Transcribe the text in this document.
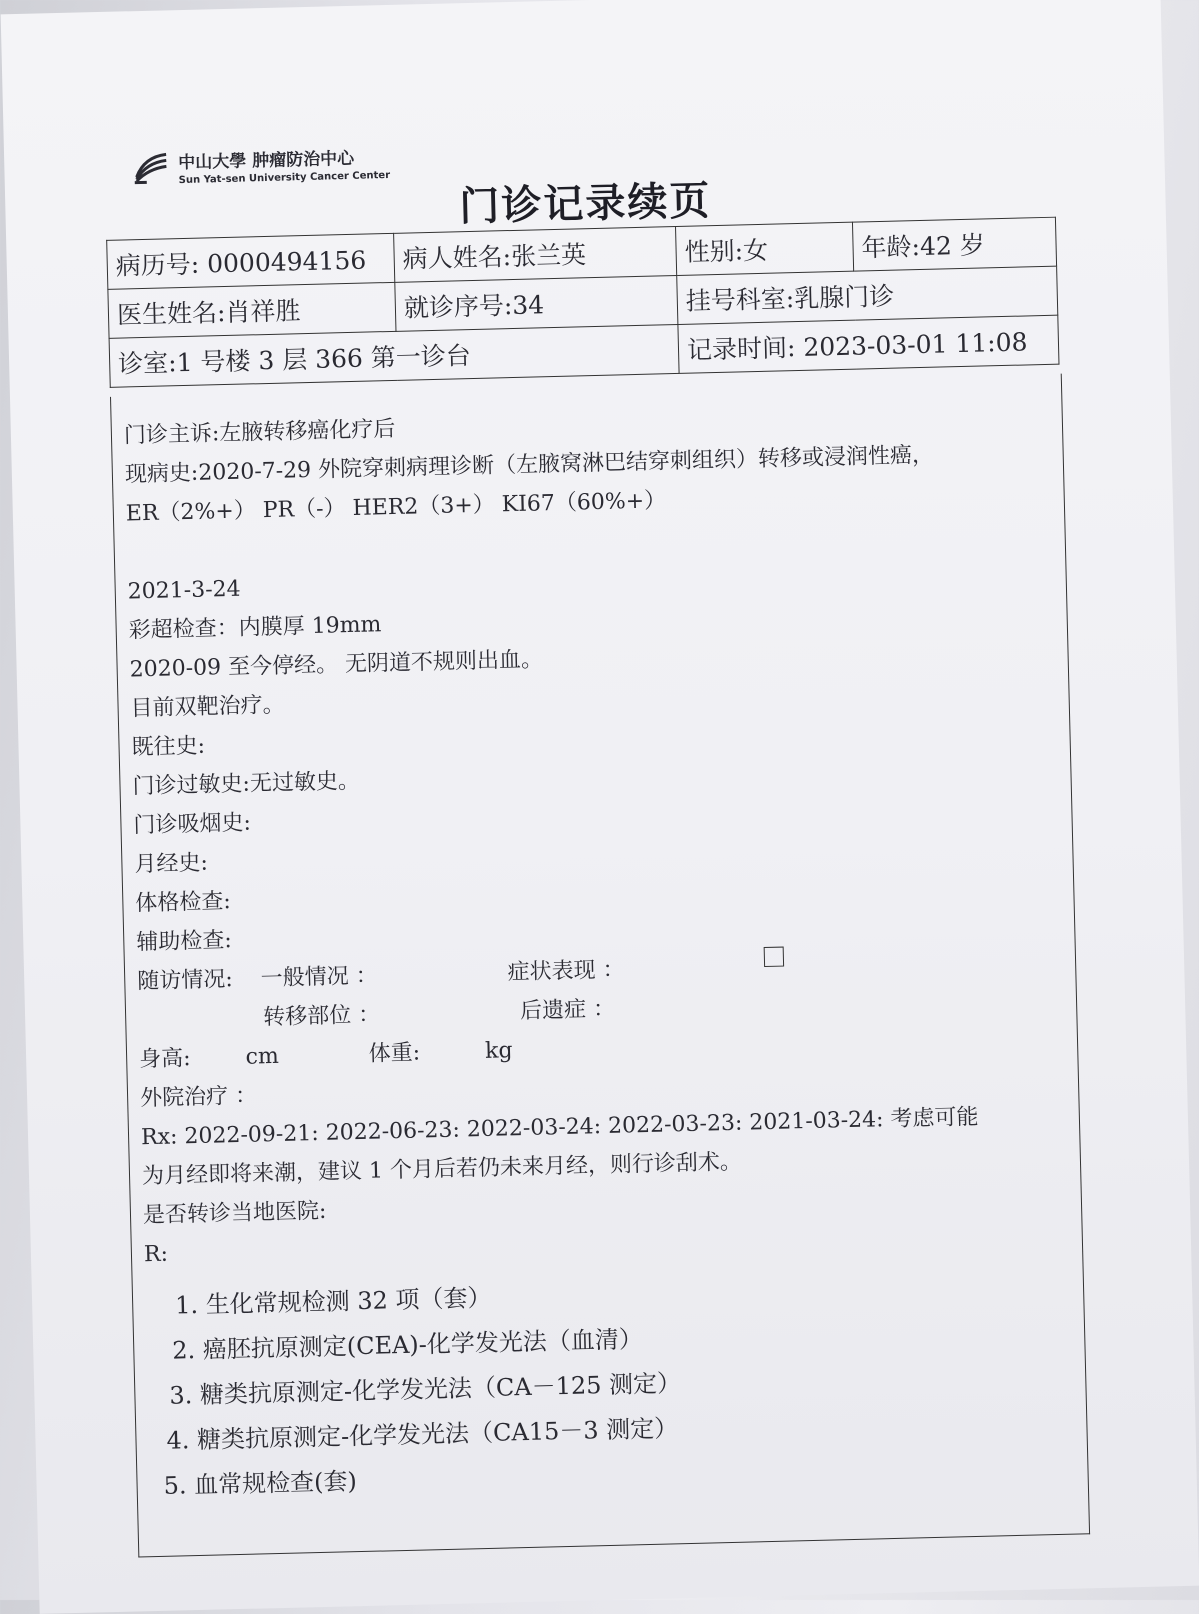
中山大學 肿瘤防治中心
Sun Yat-sen University Cancer Center	门诊记录续页
病历号: 0000494156	病人姓名:张兰英	性别:女	年龄:42 岁
医生姓名:肖祥胜	就诊序号:34	挂号科室:乳腺门诊	
诊室:1 号楼 3 层 366 第一诊台		记录时间: 2023-03-01 11:08	
门诊主诉:左腋转移癌化疗后
现病史:2020-7-29 外院穿刺病理诊断（左腋窝淋巴结穿刺组织）转移或浸润性癌，
ER（2%+） PR（-） HER2（3+） KI67（60%+）
2021-3-24
彩超检查：内膜厚 19mm
2020-09 至今停经。 无阴道不规则出血。
目前双靶治疗。
既往史:
门诊过敏史:无过敏史。
门诊吸烟史:
月经史:
体格检查:
辅助检查:
随访情况: 一般情况 ：	症状表现 ：
转移部位 ：	后遗症 ：
身高: cm	体重:	kg
外院治疗 ：
Rx: 2022-09-21: 2022-06-23: 2022-03-24: 2022-03-23: 2021-03-24: 考虑可能
为月经即将来潮，建议 1 个月后若仍未来月经，则行诊刮术。
是否转诊当地医院:
R:
1. 生化常规检测 32 项（套）
2. 癌胚抗原测定(CEA)-化学发光法（血清）
3. 糖类抗原测定-化学发光法（CA－125 测定）
4. 糖类抗原测定-化学发光法（CA15－3 测定）
5. 血常规检查(套)
